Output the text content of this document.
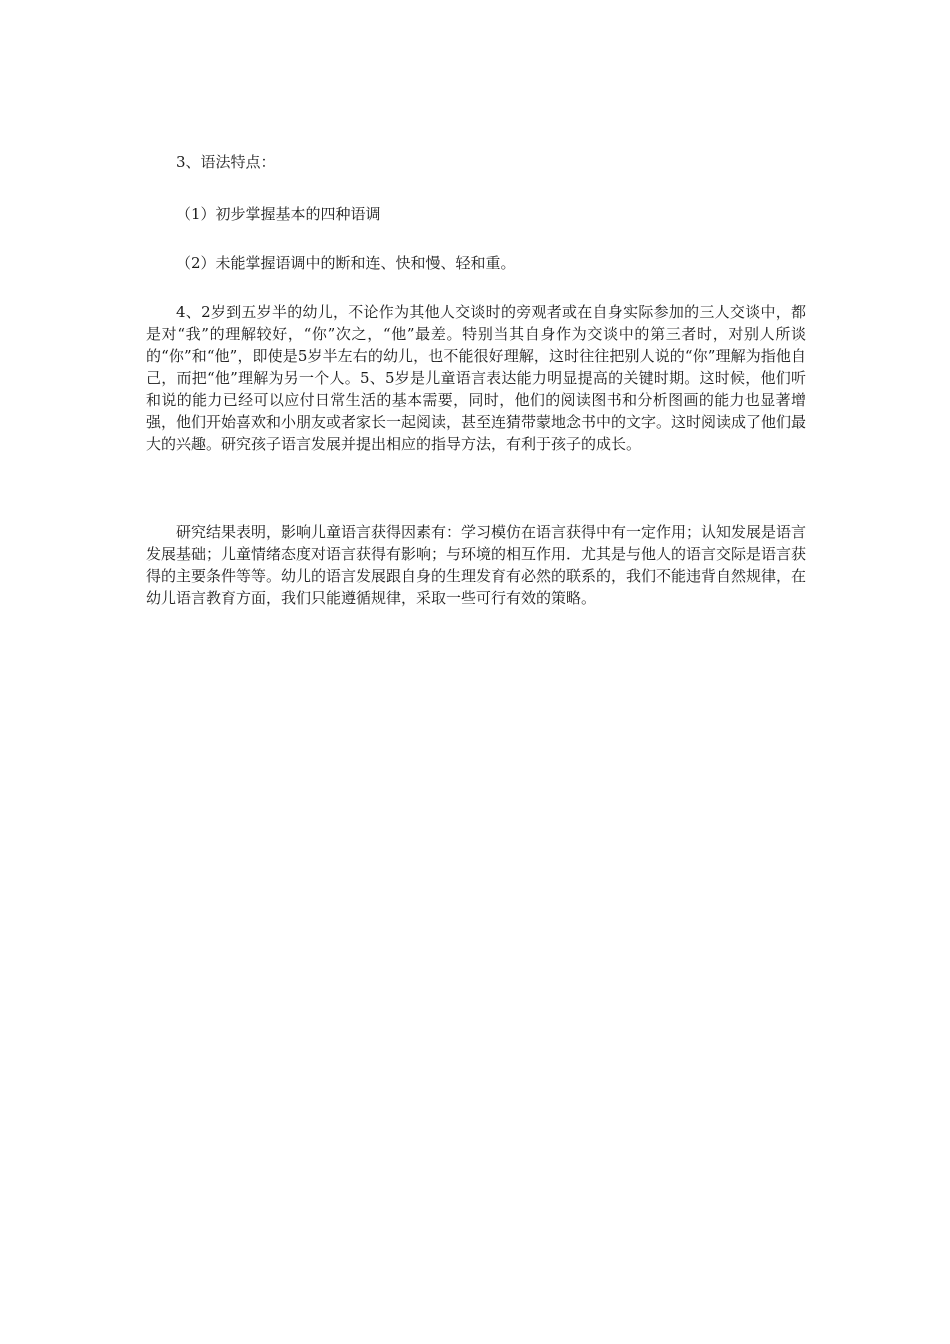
3、语法特点：
（1）初步掌握基本的四种语调
（2）未能掌握语调中的断和连、快和慢、轻和重。
4、2岁到五岁半的幼儿，不论作为其他人交谈时的旁观者或在自身实际参加的三人交谈中，都是对“我”的理解较好，“你”次之，“他”最差。特别当其自身作为交谈中的第三者时，对别人所谈的“你”和“他”，即使是5岁半左右的幼儿，也不能很好理解，这时往往把别人说的“你”理解为指他自己，而把“他”理解为另一个人。5、5岁是儿童语言表达能力明显提高的关键时期。这时候，他们听和说的能力已经可以应付日常生活的基本需要，同时，他们的阅读图书和分析图画的能力也显著增强，他们开始喜欢和小朋友或者家长一起阅读，甚至连猜带蒙地念书中的文字。这时阅读成了他们最大的兴趣。研究孩子语言发展并提出相应的指导方法，有利于孩子的成长。
研究结果表明，影响儿童语言获得因素有：学习模仿在语言获得中有一定作用；认知发展是语言发展基础；儿童情绪态度对语言获得有影响；与环境的相互作用．尤其是与他人的语言交际是语言获得的主要条件等等。幼儿的语言发展跟自身的生理发育有必然的联系的，我们不能违背自然规律，在幼儿语言教育方面，我们只能遵循规律，采取一些可行有效的策略。
